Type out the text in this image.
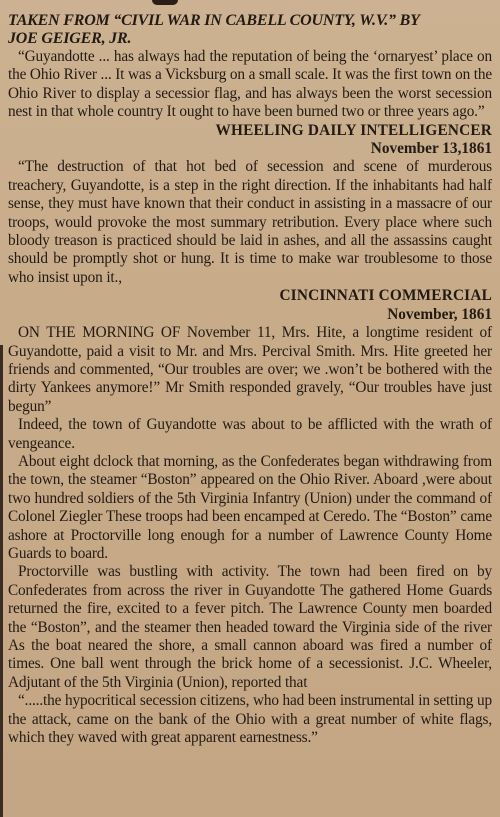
TAKEN FROM “CIVIL WAR IN CABELL COUNTY, W.V.” BY
JOE GEIGER, JR.

“Guyandotte ... has always had the reputation of being the ‘ornaryest’ place on the Ohio River ... It was a Vicksburg on a small scale. It was the first town on the Ohio River to display a secessior flag, and has always been the worst secession nest in that whole country It ought to have been burned two or three years ago.”

WHEELING DAILY INTELLIGENCER
November 13,1861

“The destruction of that hot bed of secession and scene of murderous treachery, Guyandotte, is a step in the right direction. If the inhabitants had half sense, they must have known that their conduct in assisting in a massacre of our troops, would provoke the most summary retribution. Every place where such bloody treason is practiced should be laid in ashes, and all the assassins caught should be promptly shot or hung. It is time to make war troublesome to those who insist upon it.,

CINCINNATI COMMERCIAL
November, 1861

ON THE MORNING OF November 11, Mrs. Hite, a longtime resident of Guyandotte, paid a visit to Mr. and Mrs. Percival Smith. Mrs. Hite greeted her friends and commented, “Our troubles are over; we .won’t be bothered with the dirty Yankees anymore!” Mr Smith responded gravely, “Our troubles have just begun”

Indeed, the town of Guyandotte was about to be afflicted with the wrath of vengeance.

About eight dclock that morning, as the Confederates began withdrawing from the town, the steamer “Boston” appeared on the Ohio River. Aboard ,were about two hundred soldiers of the 5th Virginia Infantry (Union) under the command of Colonel Ziegler These troops had been encamped at Ceredo. The “Boston” came ashore at Proctorville long enough for a number of Lawrence County Home Guards to board.

Proctorville was bustling with activity. The town had been fired on by Confederates from across the river in Guyandotte The gathered Home Guards returned the fire, excited to a fever pitch. The Lawrence County men boarded the “Boston”, and the steamer then headed toward the Virginia side of the river As the boat neared the shore, a small cannon aboard was fired a number of times. One ball went through the brick home of a secessionist. J.C. Wheeler, Adjutant of the 5th Virginia (Union), reported that

“.....the hypocritical secession citizens, who had been instrumental in setting up the attack, came on the bank of the Ohio with a great number of white flags, which they waved with great apparent earnestness.”
